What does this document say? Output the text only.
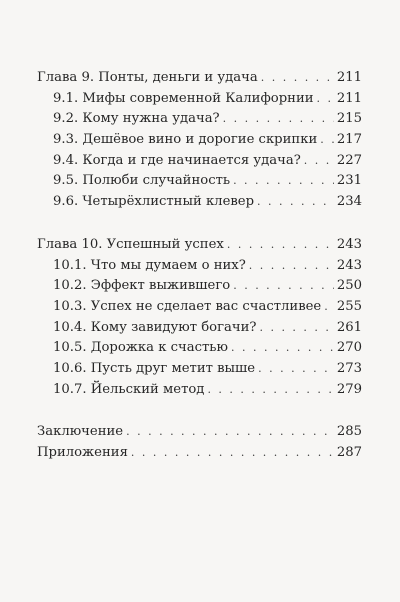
Глава 9. Понты, деньги и удача . . .	211
9.1. Мифы современной Калифорнии . . . 211
9.2. Кому нужна удача? . . .	215
9.3. Дешёвое вино и дорогие скрипки . . . 217
9.4. Когда и где начинается удача? . . .	227
9.5. Полюби случайность . . .	231
9.6. Четырёхлистный клевер . . .	234
Глава 10. Успешный успех . . .	243
10.1. Что мы думаем о них? . . .	243
10.2. Эффект выжившего . . .	250
10.3. Успех не сделает вас счастливее . . . 255
10.4. Кому завидуют богачи? . . .	261
10.5. Дорожка к счастью . . .	270
10.6. Пусть друг метит выше . . .	273
10.7. Йельский метод . . .	279
Заключение . . .	285
Приложения . . .	287
